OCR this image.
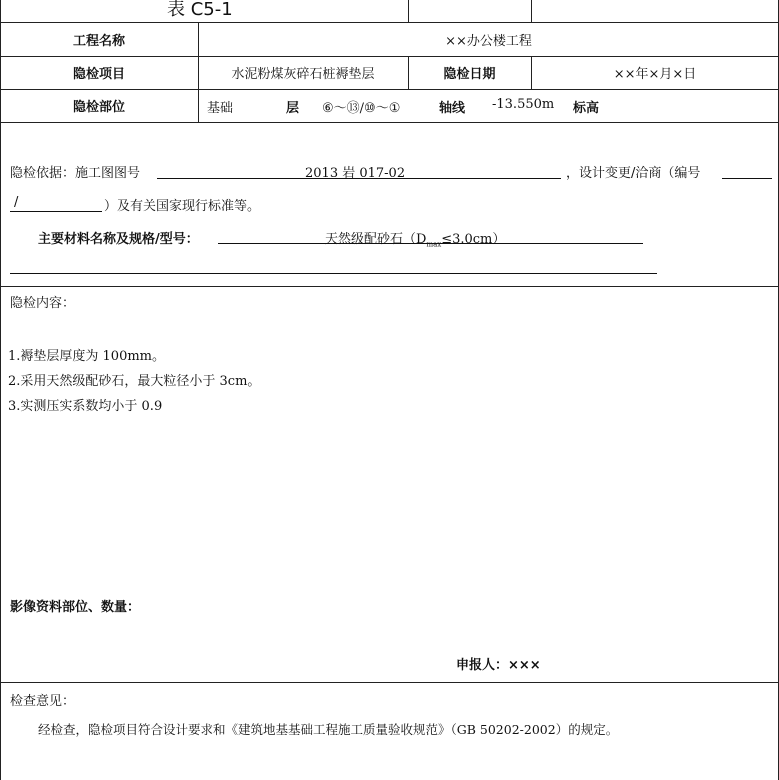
表 C5-1
工程名称	××办公楼工程
隐检项目	水泥粉煤灰碎石桩褥垫层	隐检日期	××年×月×日
隐检部位	基础	层 ⑥～⑬/⑩～①	轴线 -13.550m 标高
隐检依据：施工图图号	2013 岩 017-02	，设计变更/洽商（编号
/	）及有关国家现行标准等。
主要材料名称及规格/型号：	天然级配砂石$(D_{max}\le 3.0cm)$
隐检内容：
1.褥垫层厚度为 100mm。
2.采用天然级配砂石，最大粒径小于 3cm。
3.实测压实系数均小于 0.9
影像资料部位、数量：
申报人：×××
检查意见：
经检查，隐检项目符合设计要求和《建筑地基基础工程施工质量验收规范》（GB 50202-2002）的规定。
